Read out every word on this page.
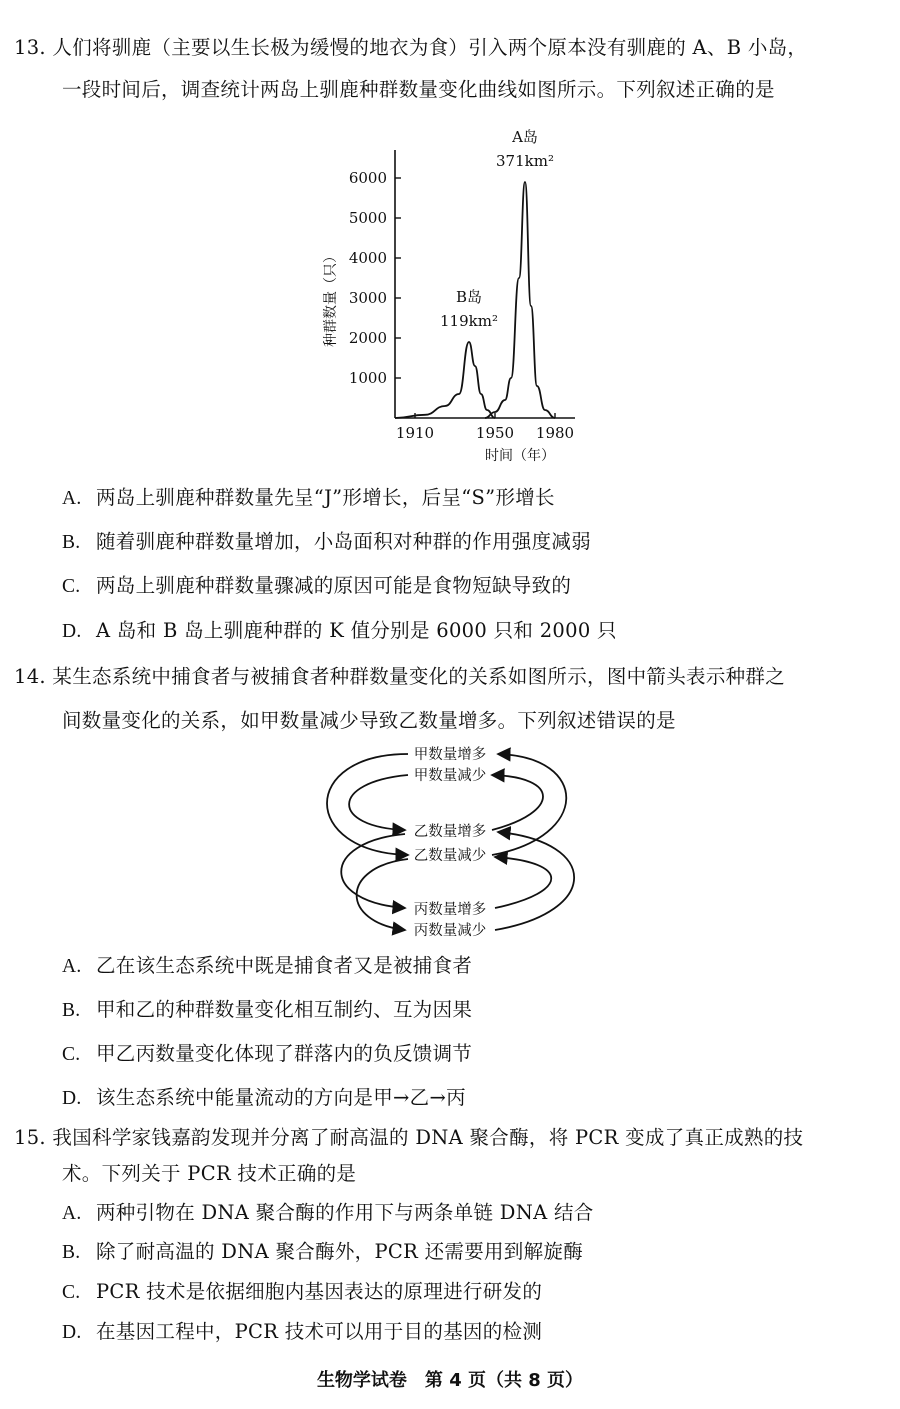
13. 人们将驯鹿（主要以生长极为缓慢的地衣为食）引入两个原本没有驯鹿的 A、B 小岛，
一段时间后，调查统计两岛上驯鹿种群数量变化曲线如图所示。下列叙述正确的是
1000
2000
3000
4000
5000
6000
1910	1950 1980
时间（年）
种群数量（只）	B岛
119km²
A岛
371km²
A. 两岛上驯鹿种群数量先呈“J”形增长，后呈“S”形增长
B. 随着驯鹿种群数量增加，小岛面积对种群的作用强度减弱
C. 两岛上驯鹿种群数量骤减的原因可能是食物短缺导致的
D. A 岛和 B 岛上驯鹿种群的 K 值分别是 6000 只和 2000 只
14. 某生态系统中捕食者与被捕食者种群数量变化的关系如图所示，图中箭头表示种群之
间数量变化的关系，如甲数量减少导致乙数量增多。下列叙述错误的是
甲数量增多
甲数量减少
乙数量增多
乙数量减少
丙数量增多
丙数量减少
A. 乙在该生态系统中既是捕食者又是被捕食者
B. 甲和乙的种群数量变化相互制约、互为因果
C. 甲乙丙数量变化体现了群落内的负反馈调节
D. 该生态系统中能量流动的方向是甲→乙→丙
15. 我国科学家钱嘉韵发现并分离了耐高温的 DNA 聚合酶，将 PCR 变成了真正成熟的技
术。下列关于 PCR 技术正确的是
A. 两种引物在 DNA 聚合酶的作用下与两条单链 DNA 结合
B. 除了耐高温的 DNA 聚合酶外，PCR 还需要用到解旋酶
C. PCR 技术是依据细胞内基因表达的原理进行研发的
D. 在基因工程中，PCR 技术可以用于目的基因的检测
生物学试卷　第 4 页（共 8 页）
